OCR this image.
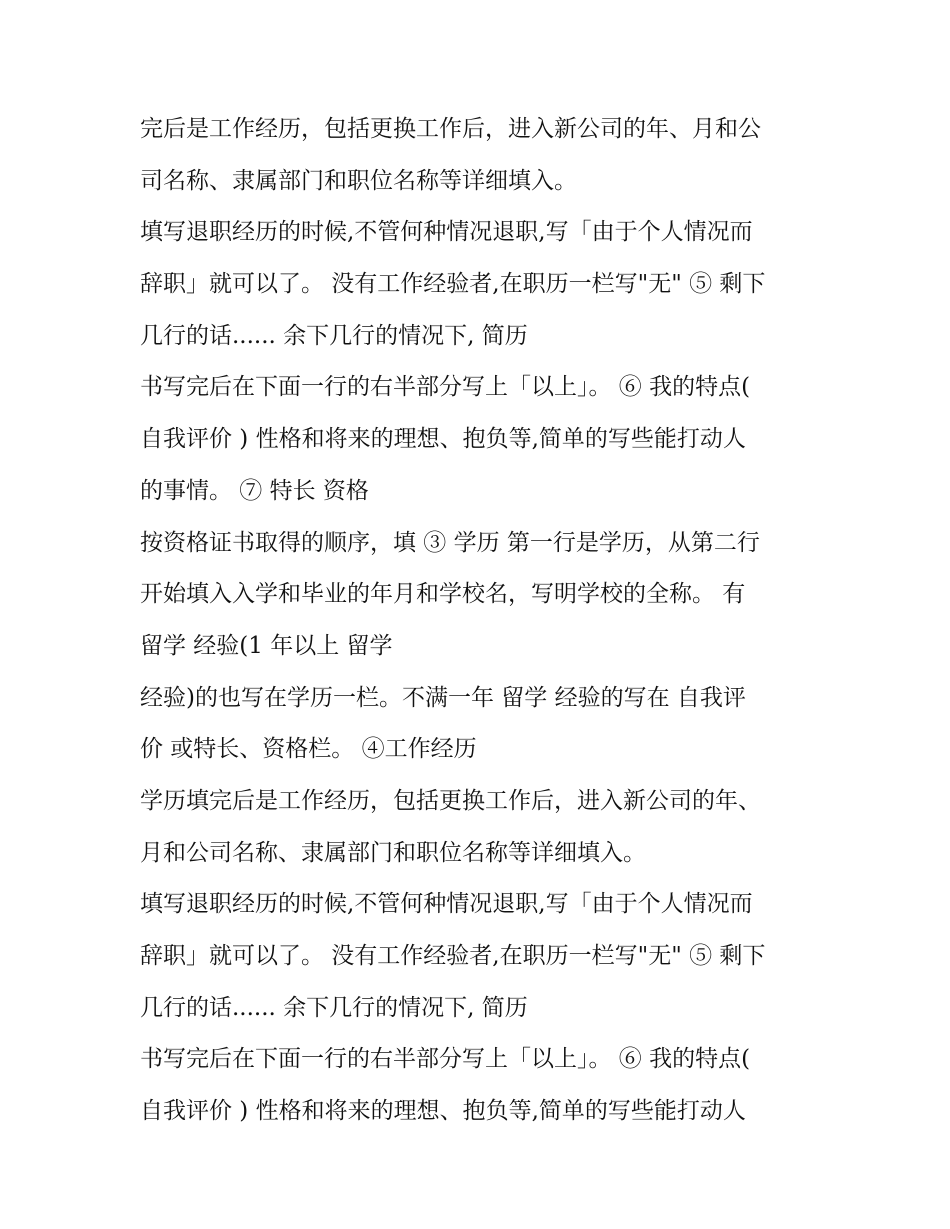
完后是工作经历，包括更换工作后，进入新公司的年、月和公
司名称、隶属部门和职位名称等详细填入。
填写退职经历的时候,不管何种情况退职,写「由于个人情况而
辞职」就可以了。 没有工作经验者,在职历一栏写"无" ⑤ 剩下
几行的话...... 余下几行的情况下, 简历
书写完后在下面一行的右半部分写上「以上」。 ⑥ 我的特点(
自我评价 ) 性格和将来的理想、抱负等,简单的写些能打动人
的事情。 ⑦ 特长 资格
按资格证书取得的顺序，填 ③ 学历 第一行是学历，从第二行
开始填入入学和毕业的年月和学校名，写明学校的全称。 有
留学 经验(1 年以上 留学
经验)的也写在学历一栏。不满一年 留学 经验的写在 自我评
价 或特长、资格栏。 ④工作经历
学历填完后是工作经历，包括更换工作后，进入新公司的年、
月和公司名称、隶属部门和职位名称等详细填入。
填写退职经历的时候,不管何种情况退职,写「由于个人情况而
辞职」就可以了。 没有工作经验者,在职历一栏写"无" ⑤ 剩下
几行的话...... 余下几行的情况下, 简历
书写完后在下面一行的右半部分写上「以上」。 ⑥ 我的特点(
自我评价 ) 性格和将来的理想、抱负等,简单的写些能打动人
